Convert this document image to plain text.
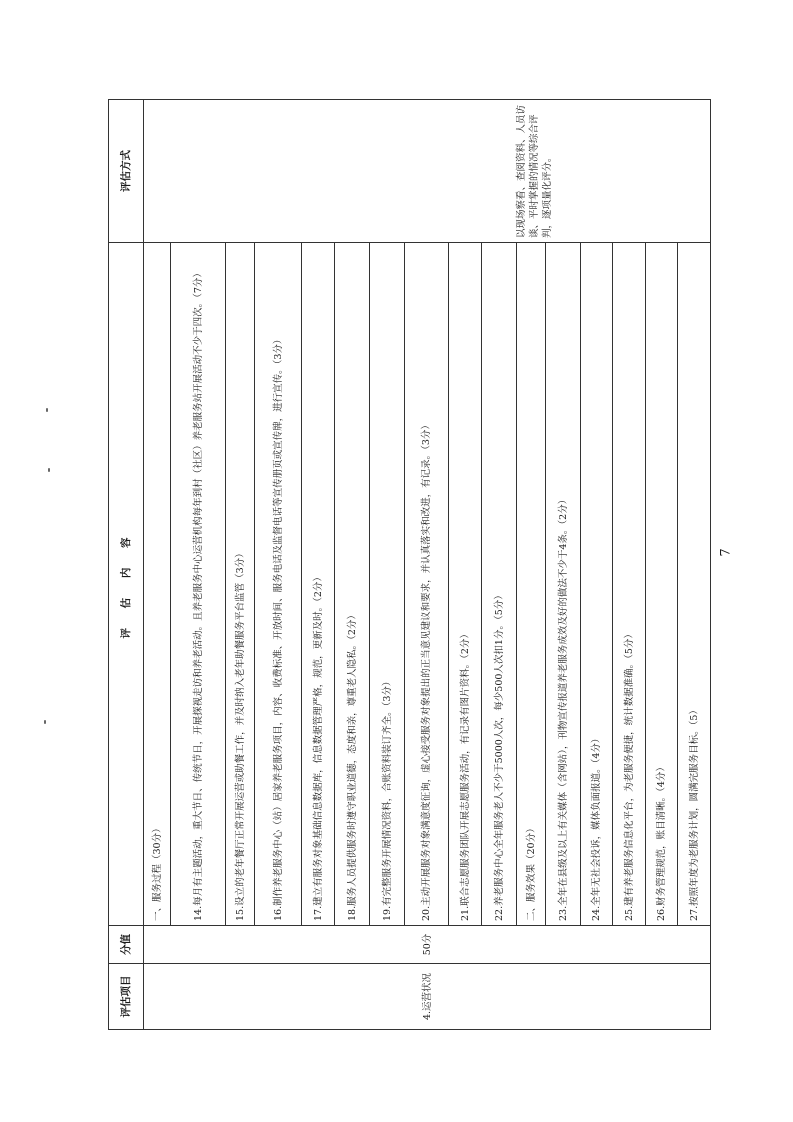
评估项目	分值	评 估 内 容	评估方式
4.运营状况	50分	一、服务过程（30分）	以现场察看、查阅资料、人员访谈、平时掌握的情况等综合评判，逐项量化评分。

		14.每月有主题活动，重大节日、传统节日，开展探视走访和养老活动。且养老服务中心运营机构每年到村（社区）养老服务站开展活动不少于四次。（7分）	
		15.设立的老年餐厅正常开展运营或助餐工作，并及时纳入老年助餐服务平台监管（3分）	
		16.制作养老服务中心（站）居家养老服务项目，内容、收费标准、开放时间、服务电话及监督电话等宣传册页或宣传牌，进行宣传。（3分）	
		17.建立有服务对象基础信息数据库，信息数据管理严格，规范，更新及时。（2分）	
		18.服务人员提供服务时遵守职业道德，态度和亲，尊重老人隐私。（2分）	
		19.有完整服务开展情况资料，合账资料装订齐全。（3分）	
		20.主动开展服务对象满意度征询，虚心接受服务对象提出的正当意见建议和要求，并认真落实和改进，有记录。（3分）	
		21.联合志愿服务团队开展志愿服务活动，有记录有图片资料。（2分）	
		22.养老服务中心全年服务老人不少于5000人次，每少500人次扣1分。（5分）	
		二、服务效果（20分）	
		23.全年在县级及以上有关媒体（含网站），刊物宣传报道养老服务成效及好的做法不少于4条。（2分）	
		24.全年无社会投诉，媒体负面报道。（4分）	
		25.建有养老服务信息化平台，为老服务便捷，统计数据准确。（5分）	
		26.财务管理规范，账目清晰。（4分）	
		27.按照年度为老服务计划，圆满完服务目标。（5）	
7
